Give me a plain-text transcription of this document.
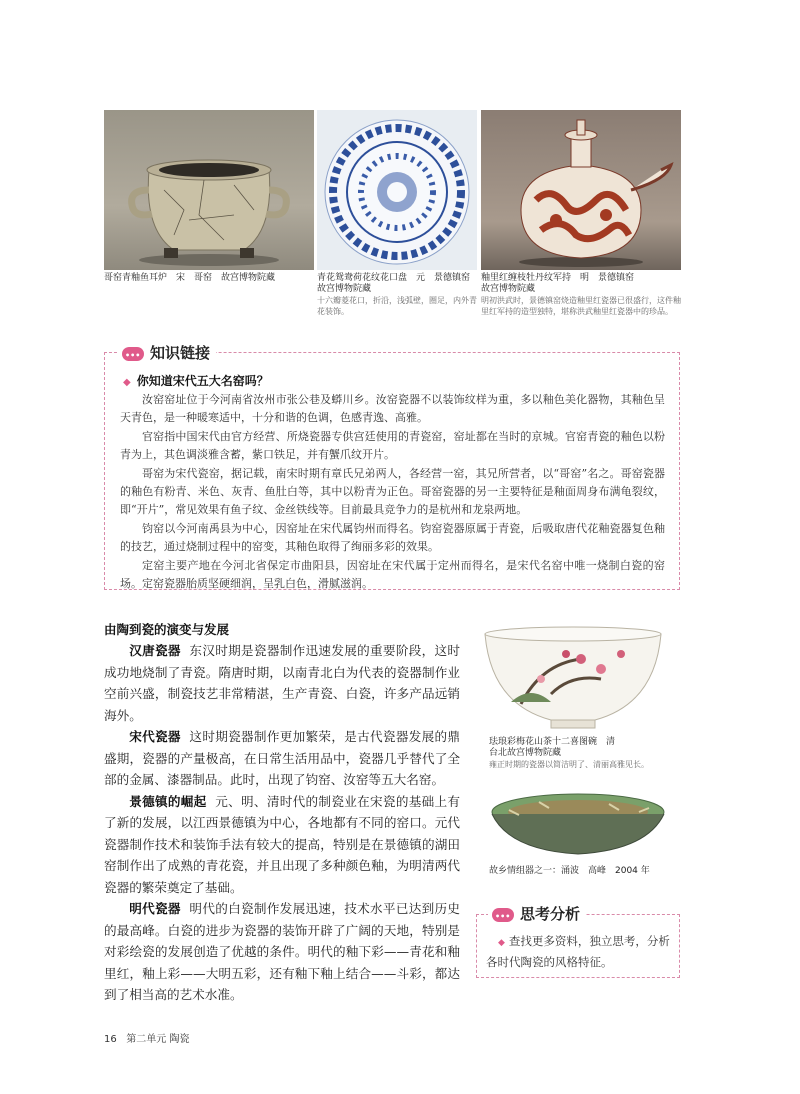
哥窑青釉鱼耳炉　宋　哥窑　故宫博物院藏	青花鸳鸯荷花纹花口盘　元　景德镇窑
故宫博物院藏
十六瓣菱花口，折沿，浅弧壁，圈足，内外青花装饰。
釉里红缠枝牡丹纹军持　明　景德镇窑
故宫博物院藏
明初洪武时，景德镇窑烧造釉里红瓷器已很盛行，这件釉里红军持的造型独特，堪称洪武釉里红瓷器中的珍品。
•••知识链接
◆ 你知道宋代五大名窑吗？

汝窑窑址位于今河南省汝州市张公巷及蟒川乡。汝窑瓷器不以装饰纹样为重，多以釉色美化器物，其釉色呈天青色，是一种暖寒适中，十分和谐的色调，色感青逸、高雅。

官窑指中国宋代由官方经营、所烧瓷器专供宫廷使用的青瓷窑，窑址都在当时的京城。官窑青瓷的釉色以粉青为上，其色调淡雅含蓄，紫口铁足，并有蟹爪纹开片。

哥窑为宋代瓷窑，据记载，南宋时期有章氏兄弟两人，各经营一窑，其兄所营者，以“哥窑”名之。哥窑瓷器的釉色有粉青、米色、灰青、鱼肚白等，其中以粉青为正色。哥窑瓷器的另一主要特征是釉面周身布满龟裂纹，即“开片”，常见效果有鱼子纹、金丝铁线等。目前最具竞争力的是杭州和龙泉两地。

钧窑以今河南禹县为中心，因窑址在宋代属钧州而得名。钧窑瓷器原属于青瓷，后吸取唐代花釉瓷器复色釉的技艺，通过烧制过程中的窑变，其釉色取得了绚丽多彩的效果。

定窑主要产地在今河北省保定市曲阳县，因窑址在宋代属于定州而得名，是宋代名窑中唯一烧制白瓷的窑场。定窑瓷器胎质坚硬细润，呈乳白色，滑腻滋润。

由陶到瓷的演变与发展

汉唐瓷器 东汉时期是瓷器制作迅速发展的重要阶段，这时成功地烧制了青瓷。隋唐时期，以南青北白为代表的瓷器制作业空前兴盛，制瓷技艺非常精湛，生产青瓷、白瓷，许多产品远销海外。

宋代瓷器 这时期瓷器制作更加繁荣，是古代瓷器发展的鼎盛期，瓷器的产量极高，在日常生活用品中，瓷器几乎替代了全部的金属、漆器制品。此时，出现了钧窑、汝窑等五大名窑。

景德镇的崛起 元、明、清时代的制瓷业在宋瓷的基础上有了新的发展，以江西景德镇为中心，各地都有不同的窑口。元代瓷器制作技术和装饰手法有较大的提高，特别是在景德镇的湖田窑制作出了成熟的青花瓷，并且出现了多种颜色釉，为明清两代瓷器的繁荣奠定了基础。

明代瓷器 明代的白瓷制作发展迅速，技术水平已达到历史的最高峰。白瓷的进步为瓷器的装饰开辟了广阔的天地，特别是对彩绘瓷的发展创造了优越的条件。明代的釉下彩——青花和釉里红，釉上彩——大明五彩，还有釉下釉上结合——斗彩，都达到了相当高的艺术水准。

珐琅彩梅花山茶十二喜图碗　清
台北故宫博物院藏
雍正时期的瓷器以简洁明了、清丽高雅见长。
故乡情组器之一：涌波　高峰　2004 年
•••思考分析
◆ 查找更多资料，独立思考，分析各时代陶瓷的风格特征。
16 第二单元 陶瓷
